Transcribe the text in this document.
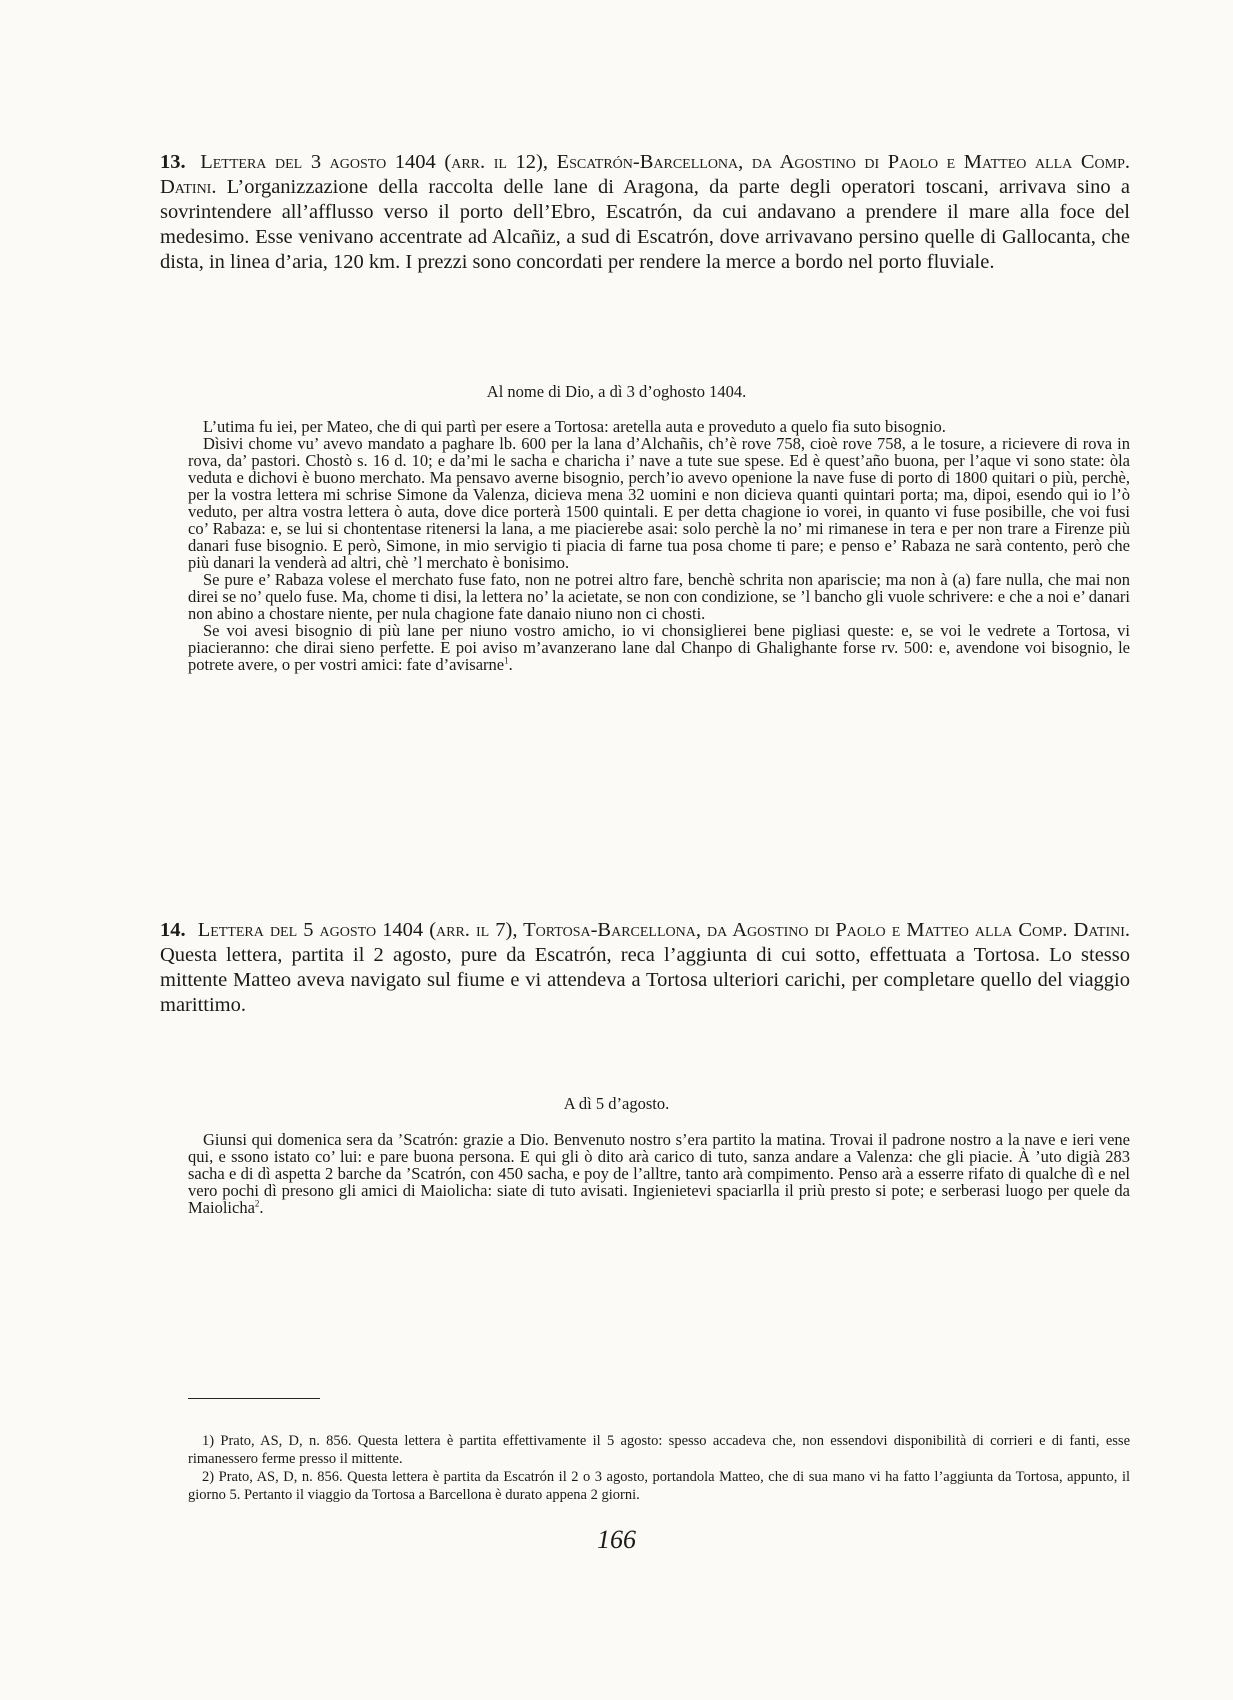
13. Lettera del 3 agosto 1404 (arr. il 12), Escatrón-Barcellona, da Agostino di Paolo e Matteo alla Comp. Datini. L’organizzazione della raccolta delle lane di Aragona, da parte degli operatori toscani, arrivava sino a sovrintendere all’afflusso verso il porto dell’Ebro, Escatrón, da cui andavano a prendere il mare alla foce del medesimo. Esse venivano accentrate ad Alcañiz, a sud di Escatrón, dove arrivavano persino quelle di Gallocanta, che dista, in linea d’aria, 120 km. I prezzi sono concordati per rendere la merce a bordo nel porto fluviale.
Al nome di Dio, a dì 3 d’oghosto 1404.

L’utima fu iei, per Mateo, che di qui partì per esere a Tortosa: aretella auta e proveduto a quelo fia suto bisognio.

Dìsivi chome vu’ avevo mandato a paghare lb. 600 per la lana d’Alchañis, ch’è rove 758, cioè rove 758, a le tosure, a ricievere di rova in rova, da’ pastori. Chostò s. 16 d. 10; e da’mi le sacha e charicha i’ nave a tute sue spese. Ed è quest’año buona, per l’aque vi sono state: òla veduta e dichovi è buono merchato. Ma pensavo averne bisognio, perch’io avevo openione la nave fuse di porto di 1800 quitari o più, perchè, per la vostra lettera mi schrise Simone da Valenza, dicieva mena 32 uomini e non dicieva quanti quintari porta; ma, dipoi, esendo qui io l’ò veduto, per altra vostra lettera ò auta, dove dice porterà 1500 quintali. E per detta chagione io vorei, in quanto vi fuse posibille, che voi fusi co’ Rabaza: e, se lui si chontentase ritenersi la lana, a me piacierebe asai: solo perchè la no’ mi rimanese in tera e per non trare a Firenze più danari fuse bisognio. E però, Simone, in mio servigio ti piacia di farne tua posa chome ti pare; e penso e’ Rabaza ne sarà contento, però che più danari la venderà ad altri, chè ’l merchato è bonisimo.

Se pure e’ Rabaza volese el merchato fuse fato, non ne potrei altro fare, benchè schrita non apariscie; ma non à (a) fare nulla, che mai non direi se no’ quelo fuse. Ma, chome ti disi, la lettera no’ la acietate, se non con condizione, se ’l bancho gli vuole schrivere: e che a noi e’ danari non abino a chostare niente, per nula chagione fate danaio niuno non ci chosti.

Se voi avesi bisognio di più lane per niuno vostro amicho, io vi chonsiglierei bene pigliasi queste: e, se voi le vedrete a Tortosa, vi piacieranno: che dirai sieno perfette. E poi aviso m’avanzerano lane dal Chanpo di Ghalighante forse rv. 500: e, avendone voi bisognio, le potrete avere, o per vostri amici: fate d’avisarne$^1$.

14. Lettera del 5 agosto 1404 (arr. il 7), Tortosa-Barcellona, da Agostino di Paolo e Matteo alla Comp. Datini. Questa lettera, partita il 2 agosto, pure da Escatrón, reca l’aggiunta di cui sotto, effettuata a Tortosa. Lo stesso mittente Matteo aveva navigato sul fiume e vi attendeva a Tortosa ulteriori carichi, per completare quello del viaggio marittimo.
A dì 5 d’agosto.

Giunsi qui domenica sera da ’Scatrón: grazie a Dio. Benvenuto nostro s’era partito la matina. Trovai il padrone nostro a la nave e ieri vene qui, e ssono istato co’ lui: e pare buona persona. E qui gli ò dito arà carico di tuto, sanza andare a Valenza: che gli piacie. À ’uto digià 283 sacha e di dì aspetta 2 barche da ’Scatrón, con 450 sacha, e poy de l’alltre, tanto arà compimento. Penso arà a esserre rifato di qualche dì e nel vero pochi dì presono gli amici di Maiolicha: siate di tuto avisati. Ingienietevi spaciarlla il priù presto si pote; e serberasi luogo per quele da Maiolicha$^2$.

1) Prato, AS, D, n. 856. Questa lettera è partita effettivamente il 5 agosto: spesso accadeva che, non essendovi disponibilità di corrieri e di fanti, esse rimanessero ferme presso il mittente.

2) Prato, AS, D, n. 856. Questa lettera è partita da Escatrón il 2 o 3 agosto, portandola Matteo, che di sua mano vi ha fatto l’aggiunta da Tortosa, appunto, il giorno 5. Pertanto il viaggio da Tortosa a Barcellona è durato appena 2 giorni.

166
